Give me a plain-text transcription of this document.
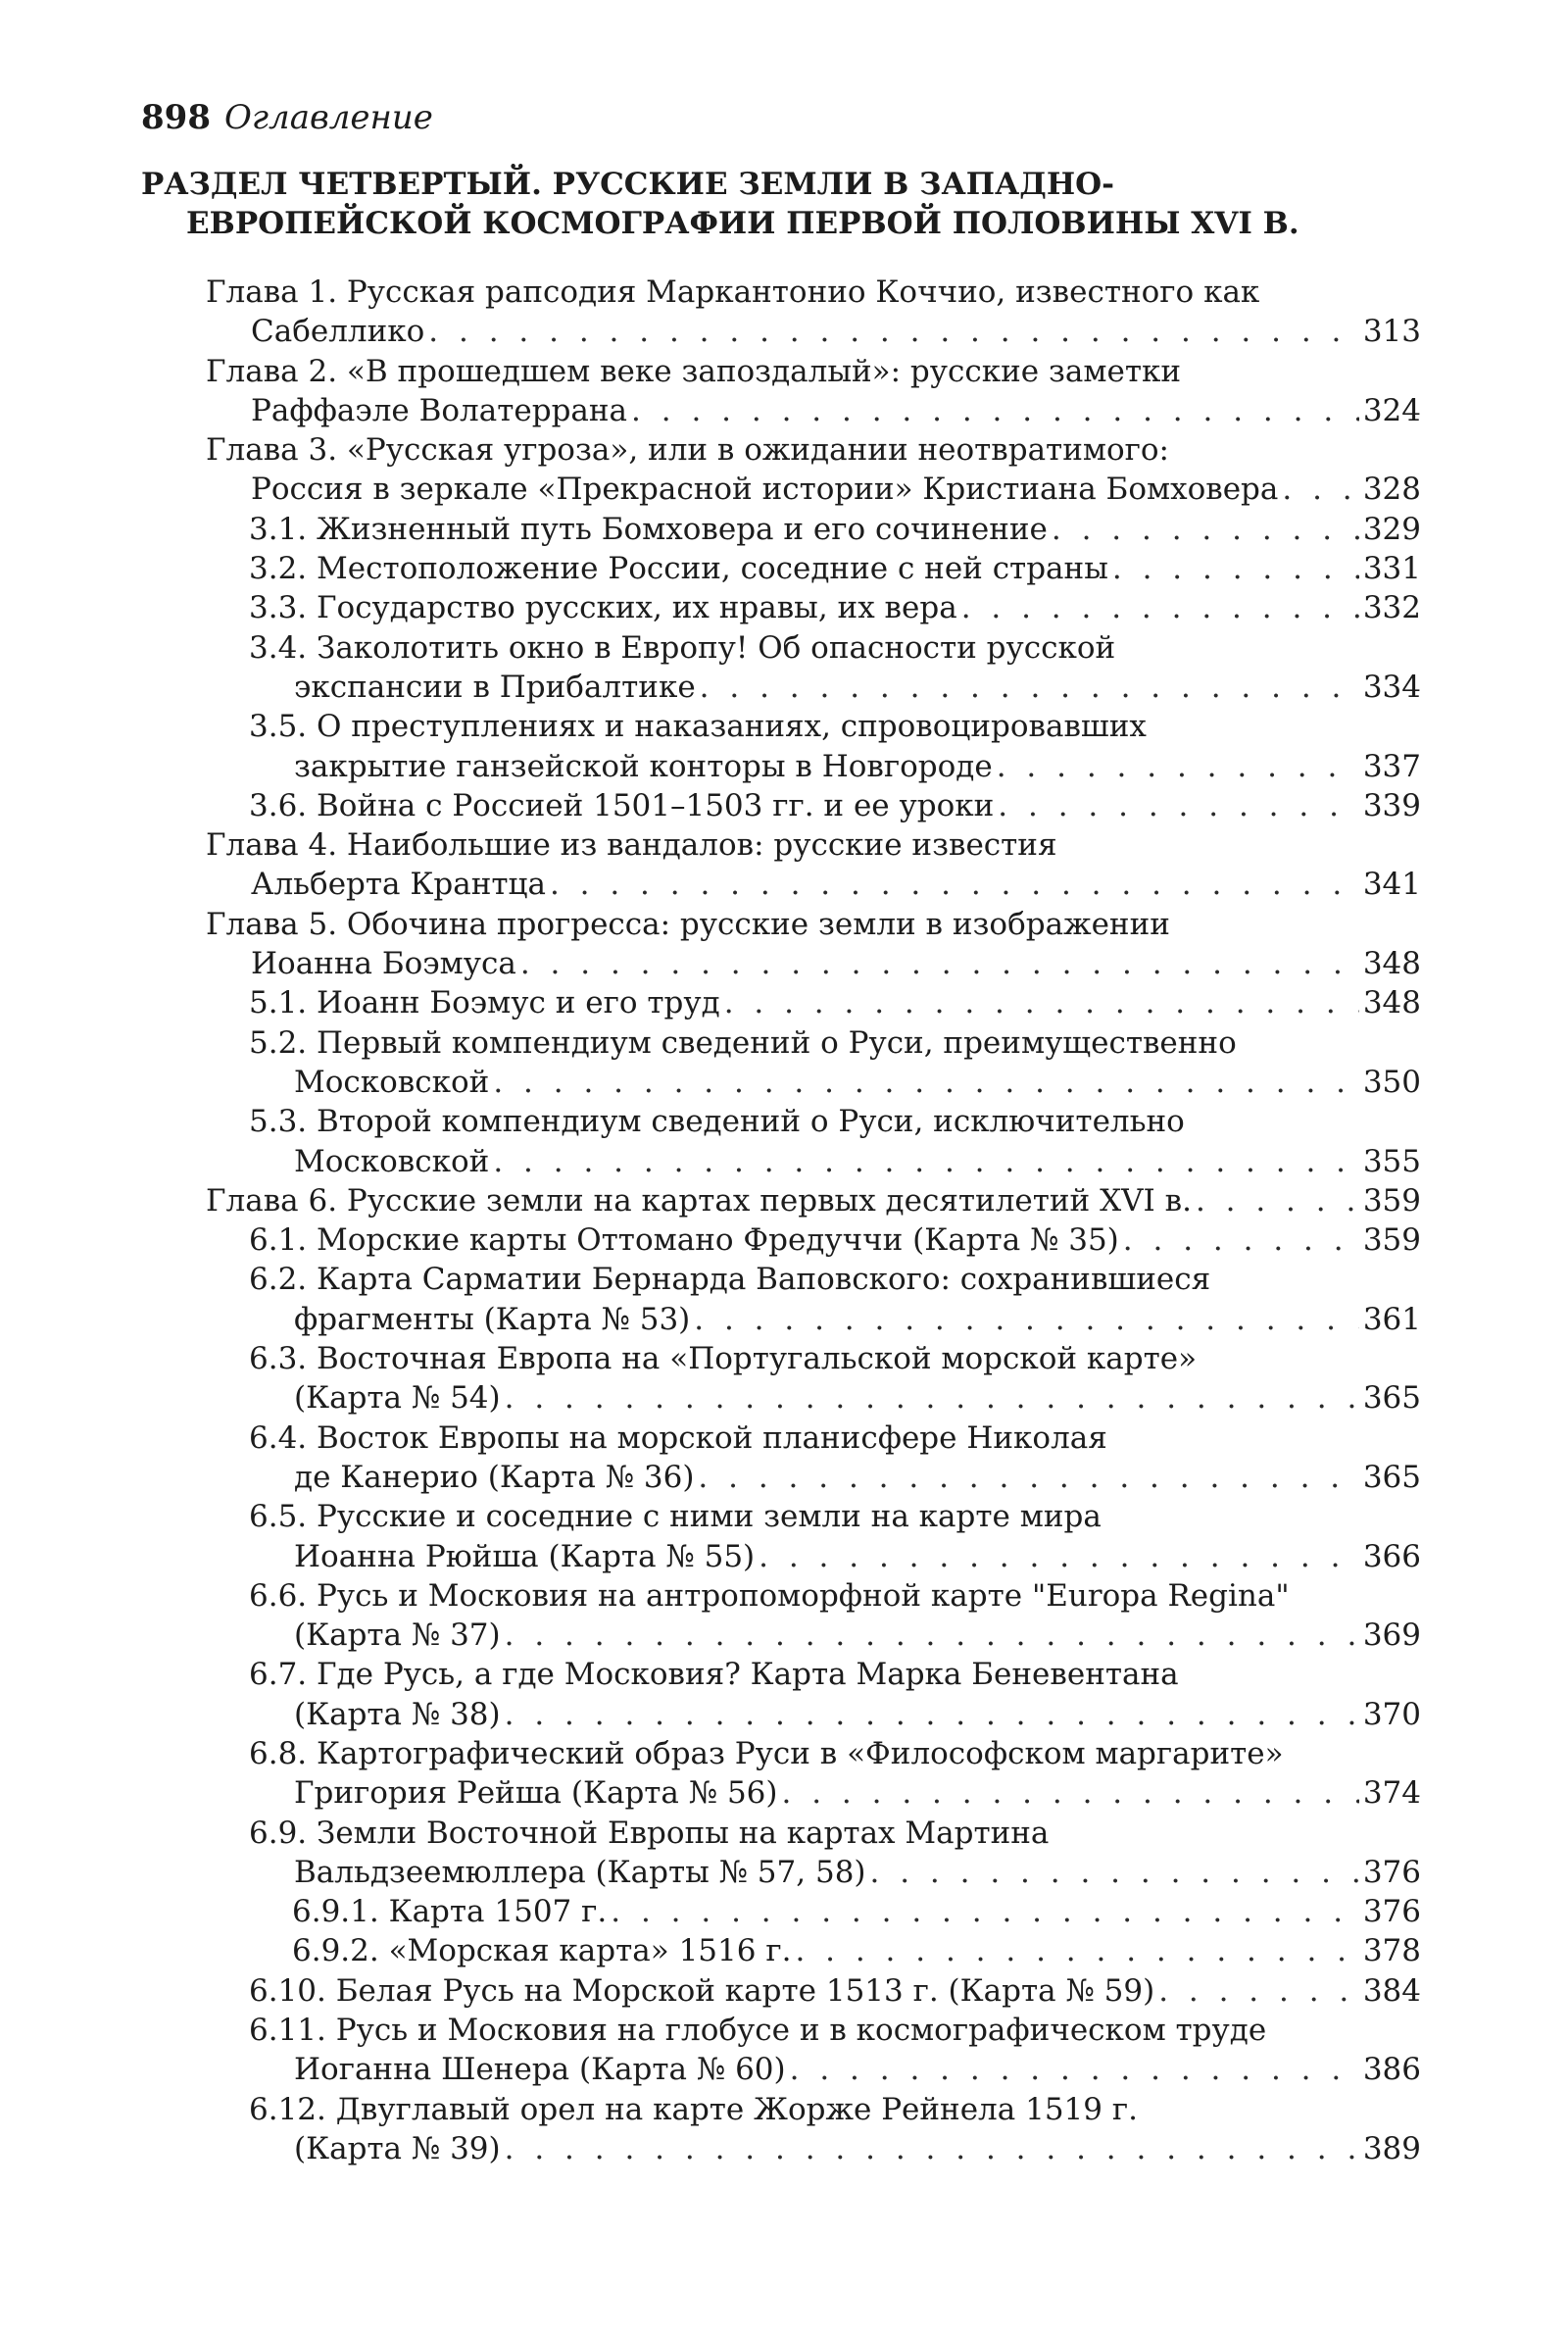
898 Оглавление
РАЗДЕЛ ЧЕТВЕРТЫЙ. РУССКИЕ ЗЕМЛИ В ЗАПАДНО-
ЕВРОПЕЙСКОЙ КОСМОГРАФИИ ПЕРВОЙ ПОЛОВИНЫ XVI В.
Глава 1. Русская рапсодия Маркантонио Коччио, известного как
Сабеллико . . .	313
Глава 2. «В прошедшем веке запоздалый»: русские заметки
Раффаэле Волатеррана . . .	324
Глава 3. «Русская угроза», или в ожидании неотвратимого:
Россия в зеркале «Прекрасной истории» Кристиана Бомховера . . .	328
3.1. Жизненный путь Бомховера и его сочинение . . .	329
3.2. Местоположение России, соседние с ней страны . . .	331
3.3. Государство русских, их нравы, их вера . . .	332
3.4. Заколотить окно в Европу! Об опасности русской
экспансии в Прибалтике . . .	334
3.5. О преступлениях и наказаниях, спровоцировавших
закрытие ганзейской конторы в Новгороде . . .	337
3.6. Война с Россией 1501–1503 гг. и ее уроки . . .	339
Глава 4. Наибольшие из вандалов: русские известия
Альберта Крантца . . .	341
Глава 5. Обочина прогресса: русские земли в изображении
Иоанна Боэмуса . . .	348
5.1. Иоанн Боэмус и его труд . . .	348
5.2. Первый компендиум сведений о Руси, преимущественно
Московской . . .	350
5.3. Второй компендиум сведений о Руси, исключительно
Московской . . .	355
Глава 6. Русские земли на картах первых десятилетий XVI в. . . .	359
6.1. Морские карты Оттомано Фредуччи (Карта № 35) . . .	359
6.2. Карта Сарматии Бернарда Ваповского: сохранившиеся
фрагменты (Карта № 53) . . .	361
6.3. Восточная Европа на «Португальской морской карте»
(Карта № 54) . . .	365
6.4. Восток Европы на морской планисфере Николая
де Канерио (Карта № 36) . . .	365
6.5. Русские и соседние с ними земли на карте мира
Иоанна Рюйша (Карта № 55) . . .	366
6.6. Русь и Московия на антропоморфной карте "Europa Regina"
(Карта № 37) . . .	369
6.7. Где Русь, а где Московия? Карта Марка Беневентана
(Карта № 38) . . .	370
6.8. Картографический образ Руси в «Философском маргарите»
Григория Рейша (Карта № 56) . . .	374
6.9. Земли Восточной Европы на картах Мартина
Вальдзеемюллера (Карты № 57, 58) . . .	376
6.9.1. Карта 1507 г. . . .	376
6.9.2. «Морская карта» 1516 г. . . .	378
6.10. Белая Русь на Морской карте 1513 г. (Карта № 59) . . .	384
6.11. Русь и Московия на глобусе и в космографическом труде
Иоганна Шенера (Карта № 60) . . .	386
6.12. Двуглавый орел на карте Жорже Рейнела 1519 г.
(Карта № 39) . . .	389
